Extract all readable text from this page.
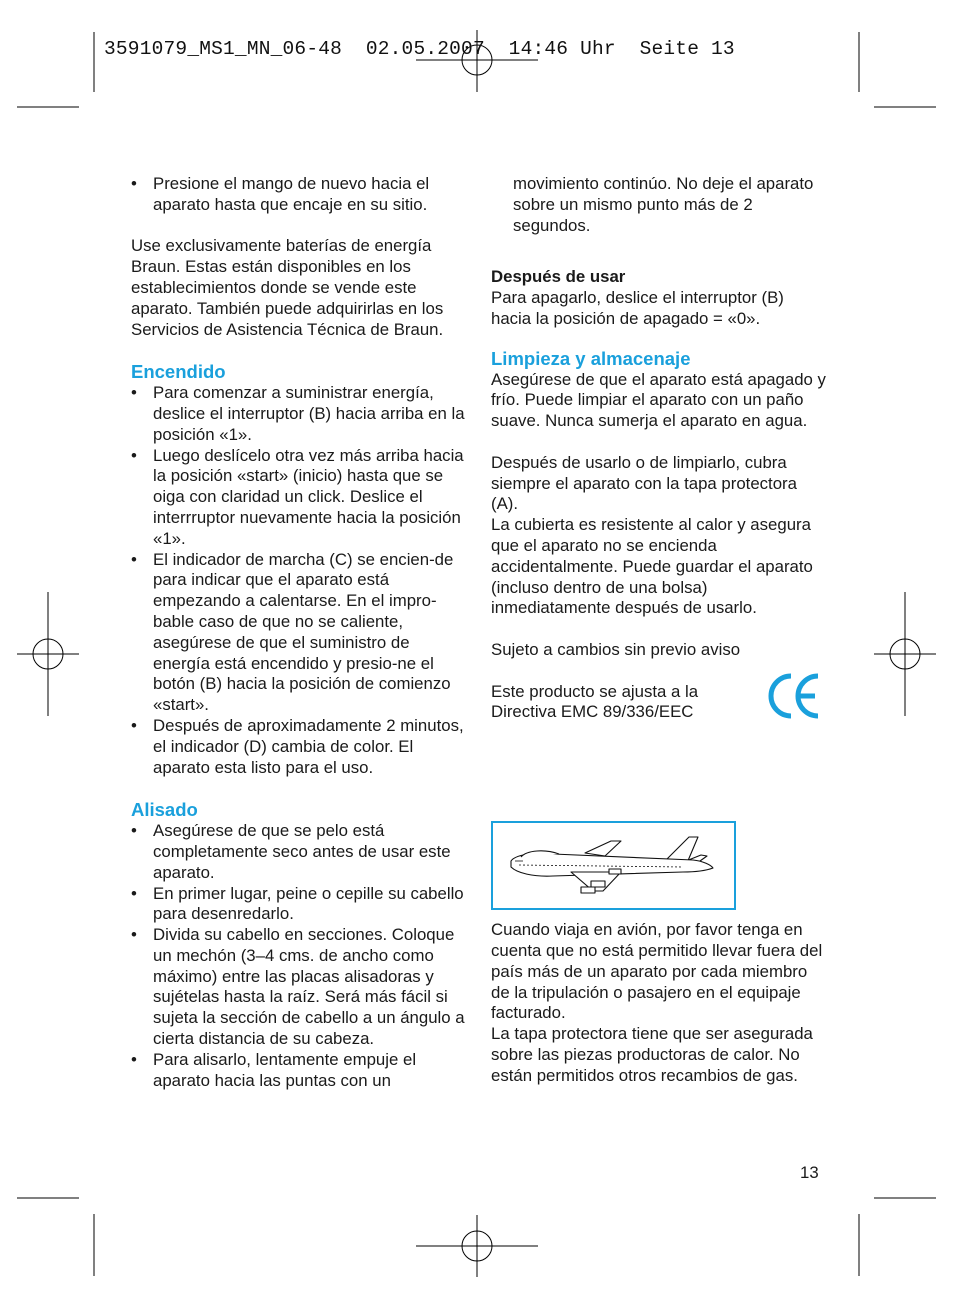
3591079_MS1_MN_06-48  02.05.2007  14:46 Uhr  Seite 13
• Presione el mango de nuevo hacia el aparato hasta que encaje en su sitio.

Use exclusivamente baterías de energía Braun. Estas están disponibles en los establecimientos donde se vende este aparato. También puede adquirirlas en los Servicios de Asistencia Técnica de Braun.

Encendido

• Para comenzar a suministrar energía, deslice el interruptor (B) hacia arriba en la posición «1».
• Luego deslícelo otra vez más arriba hacia la posición «start» (inicio) hasta que se oiga con claridad un click. Deslice el interrruptor nuevamente hacia la posición «1».
• El indicador de marcha (C) se encien-de para indicar que el aparato está empezando a calentarse. En el impro-bable caso de que no se caliente, asegúrese de que el suministro de energía está encendido y presio-ne el botón (B) hacia la posición de comienzo «start».
• Después de aproximadamente 2 minutos, el indicador (D) cambia de color. El aparato esta listo para el uso.

Alisado

• Asegúrese de que se pelo está completamente seco antes de usar este aparato.
• En primer lugar, peine o cepille su cabello para desenredarlo.
• Divida su cabello en secciones. Coloque un mechón (3–4 cms. de ancho como máximo) entre las placas alisadoras y sujételas hasta la raíz. Será más fácil si sujeta la sección de cabello a un ángulo a cierta distancia de su cabeza.
• Para alisarlo, lentamente empuje el aparato hacia las puntas con un

movimiento continúo. No deje el aparato sobre un mismo punto más de 2 segundos.

Después de usar

Para apagarlo, deslice el interruptor (B) hacia la posición de apagado = «0».

Limpieza y almacenaje

Asegúrese de que el aparato está apagado y frío. Puede limpiar el aparato con un paño suave. Nunca sumerja el aparato en agua.

Después de usarlo o de limpiarlo, cubra siempre el aparato con la tapa protectora (A).

La cubierta es resistente al calor y asegura que el aparato no se encienda accidentalmente. Puede guardar el aparato (incluso dentro de una bolsa) inmediatamente después de usarlo.

Sujeto a cambios sin previo aviso

Este producto se ajusta a la Directiva EMC 89/336/EEC

Cuando viaja en avión, por favor tenga en cuenta que no está permitido llevar fuera del país más de un aparato por cada miembro de la tripulación o pasajero en el equipaje facturado.

La tapa protectora tiene que ser asegurada sobre las piezas productoras de calor. No están permitidos otros recambios de gas.

13
